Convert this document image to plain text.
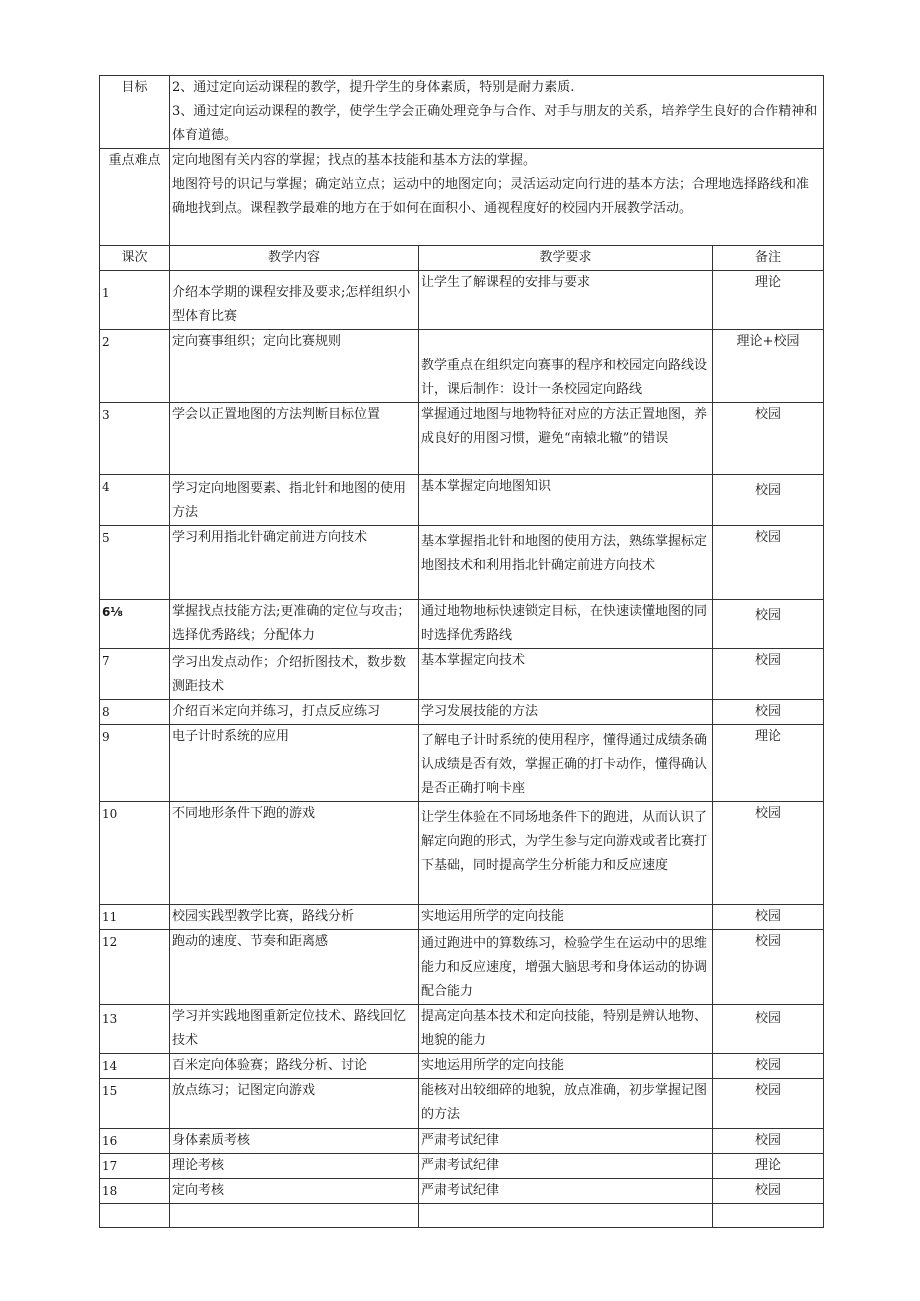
目标	2、通过定向运动课程的教学，提升学生的身体素质，特别是耐力素质.
3、通过定向运动课程的教学，使学生学会正确处理竞争与合作、对手与朋友的关系，培养学生良好的合作精神和体育道德。		

重点难点	定向地图有关内容的掌握；找点的基本技能和基本方法的掌握。
地图符号的识记与掌握；确定站立点；运动中的地图定向；灵活运动定向行进的基本方法；合理地选择路线和准确地找到点。课程教学最难的地方在于如何在面积小、通视程度好的校园内开展教学活动。		

课次	教学内容	教学要求	备注
1	介绍本学期的课程安排及要求;怎样组织小型体育比赛	让学生了解课程的安排与要求	理论
2	定向赛事组织；定向比赛规则	教学重点在组织定向赛事的程序和校园定向路线设计，课后制作：设计一条校园定向路线	理论+校园
3	学会以正置地图的方法判断目标位置	掌握通过地图与地物特征对应的方法正置地图，养成良好的用图习惯，避免“南辕北辙”的错误	校园
4	学习定向地图要素、指北针和地图的使用方法	基本掌握定向地图知识	校园
5	学习利用指北针确定前进方向技术	基本掌握指北针和地图的使用方法，熟练掌握标定地图技术和利用指北针确定前进方向技术	校园
6⅛	掌握找点技能方法;更准确的定位与攻击；选择优秀路线；分配体力	通过地物地标快速锁定目标，在快速读懂地图的同时选择优秀路线	校园
7	学习出发点动作；介绍折图技术，数步数测距技术	基本掌握定向技术	校园
8	介绍百米定向并练习，打点反应练习	学习发展技能的方法	校园
9	电子计时系统的应用	了解电子计时系统的使用程序，懂得通过成绩条确认成绩是否有效，掌握正确的打卡动作，懂得确认是否正确打响卡座	理论
10	不同地形条件下跑的游戏	让学生体验在不同场地条件下的跑进，从而认识了解定向跑的形式，为学生参与定向游戏或者比赛打下基础，同时提高学生分析能力和反应速度	校园
11	校园实践型教学比赛，路线分析	实地运用所学的定向技能	校园
12	跑动的速度、节奏和距离感	通过跑进中的算数练习，检验学生在运动中的思维能力和反应速度，增强大脑思考和身体运动的协调配合能力	校园
13	学习并实践地图重新定位技术、路线回忆技术	提高定向基本技术和定向技能，特别是辨认地物、地貌的能力	校园
14	百米定向体验赛；路线分析、讨论	实地运用所学的定向技能	校园
15	放点练习；记图定向游戏	能核对出较细碎的地貌，放点准确，初步掌握记图的方法	校园
16	身体素质考核	严肃考试纪律	校园
17	理论考核	严肃考试纪律	理论
18	定向考核	严肃考试纪律	校园
